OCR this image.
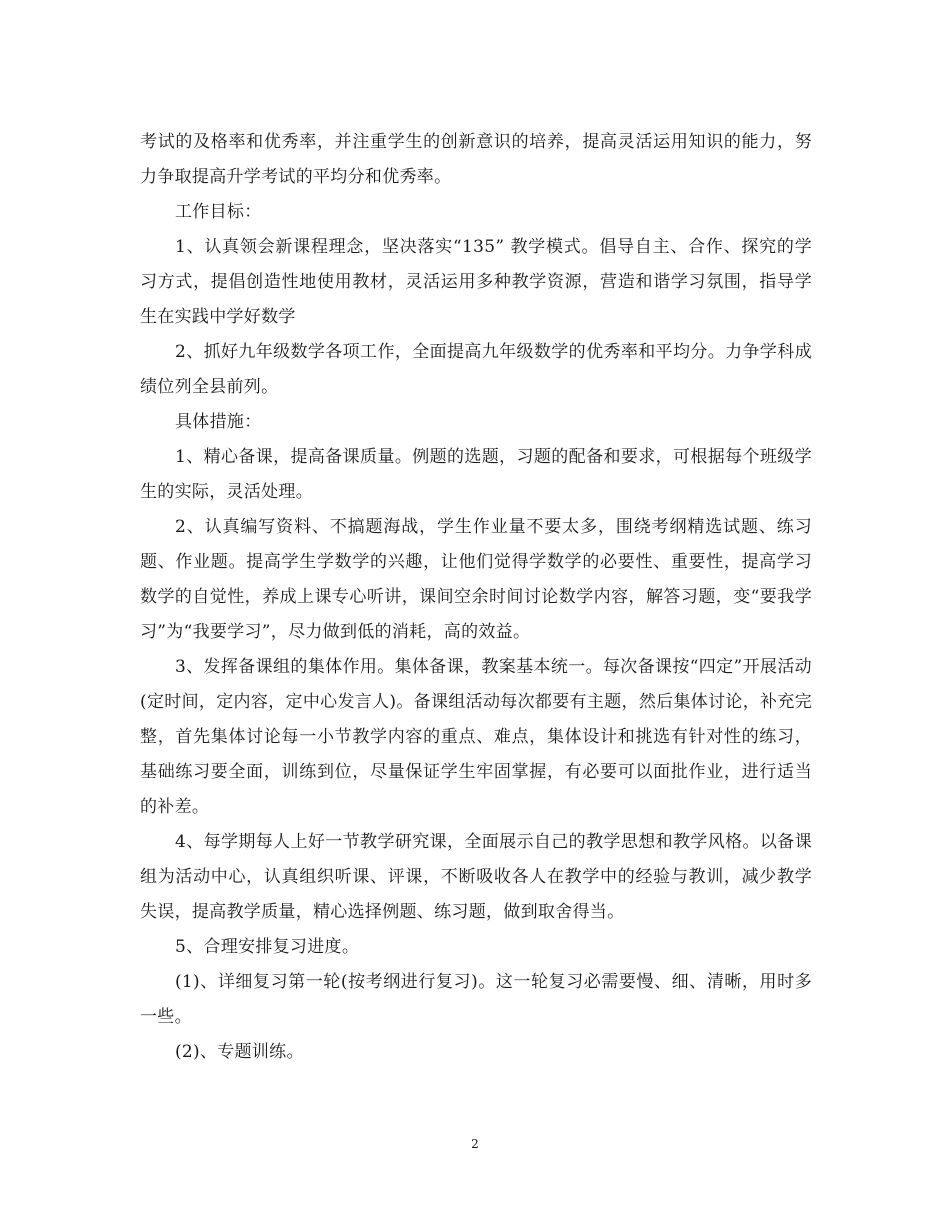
考试的及格率和优秀率，并注重学生的创新意识的培养，提高灵活运用知识的能力，努力争取提高升学考试的平均分和优秀率。

工作目标：

1、认真领会新课程理念，坚决落实“135” 教学模式。倡导自主、合作、探究的学习方式，提倡创造性地使用教材，灵活运用多种教学资源，营造和谐学习氛围，指导学生在实践中学好数学

2、抓好九年级数学各项工作，全面提高九年级数学的优秀率和平均分。力争学科成绩位列全县前列。

具体措施：

1、精心备课，提高备课质量。例题的选题，习题的配备和要求，可根据每个班级学生的实际，灵活处理。

2、认真编写资料、不搞题海战，学生作业量不要太多，围绕考纲精选试题、练习题、作业题。提高学生学数学的兴趣，让他们觉得学数学的必要性、重要性，提高学习数学的自觉性，养成上课专心听讲，课间空余时间讨论数学内容，解答习题，变“要我学习”为“我要学习”，尽力做到低的消耗，高的效益。

3、发挥备课组的集体作用。集体备课，教案基本统一。每次备课按“四定”开展活动(定时间，定内容，定中心发言人)。备课组活动每次都要有主题，然后集体讨论，补充完整，首先集体讨论每一小节教学内容的重点、难点，集体设计和挑选有针对性的练习，基础练习要全面，训练到位，尽量保证学生牢固掌握，有必要可以面批作业，进行适当的补差。

4、每学期每人上好一节教学研究课，全面展示自己的教学思想和教学风格。以备课组为活动中心，认真组织听课、评课，不断吸收各人在教学中的经验与教训，减少教学失误，提高教学质量，精心选择例题、练习题，做到取舍得当。

5、合理安排复习进度。

(1)、详细复习第一轮(按考纲进行复习)。这一轮复习必需要慢、细、清晰，用时多一些。

(2)、专题训练。

2
